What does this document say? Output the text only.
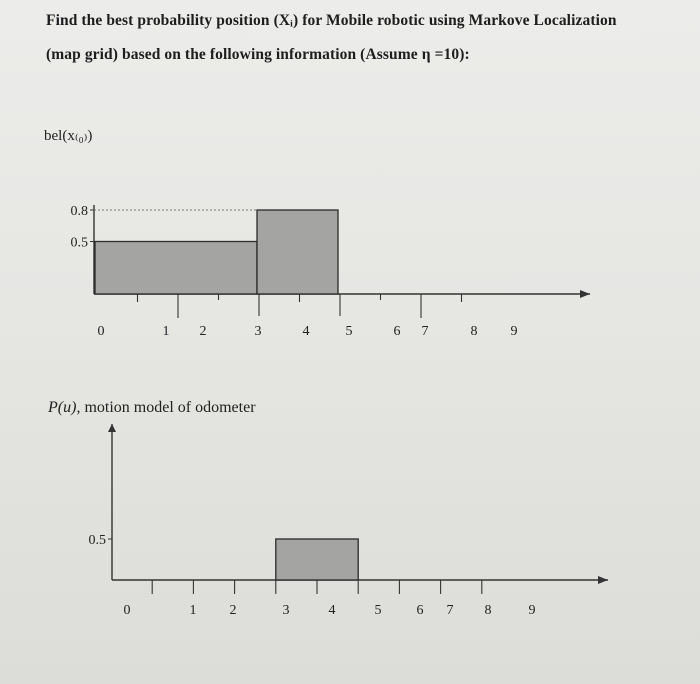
Find the best probability position (Xᵢ) for Mobile robotic using Markove Localization
(map grid) based on the following information (Assume η =10):
0.8
0.5
0	1 2	3	4	5	6 7	8 9
bel(x₍₀₎)
0.5
0	1 2	3	4	5	6 7 8	9
P(u), motion model of odometer
